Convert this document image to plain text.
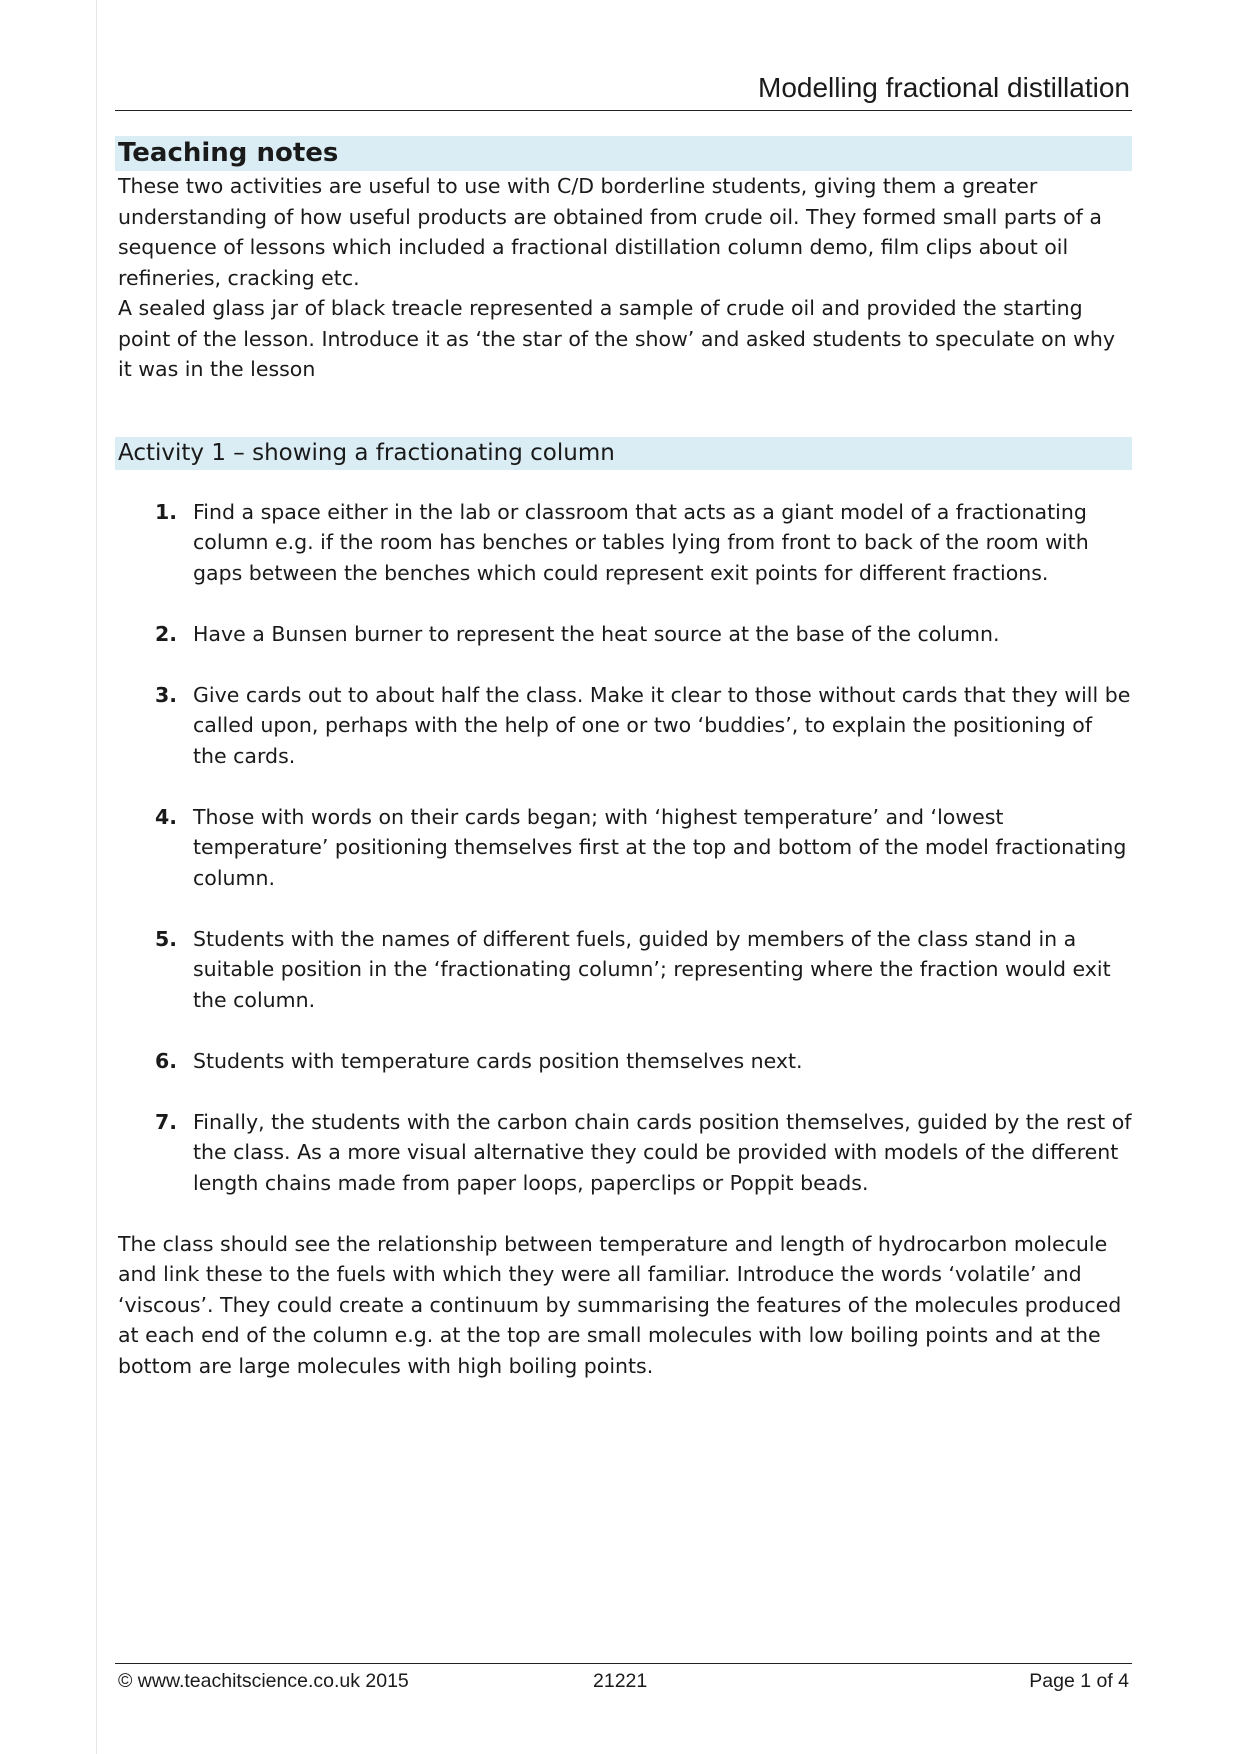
Modelling fractional distillation
Teaching notes

These two activities are useful to use with C/D borderline students, giving them a greater understanding of how useful products are obtained from crude oil. They formed small parts of a sequence of lessons which included a fractional distillation column demo, film clips about oil refineries, cracking etc.

A sealed glass jar of black treacle represented a sample of crude oil and provided the starting point of the lesson. Introduce it as ‘the star of the show’ and asked students to speculate on why it was in the lesson

Activity 1 – showing a fractionating column
1. Find a space either in the lab or classroom that acts as a giant model of a fractionating column e.g. if the room has benches or tables lying from front to back of the room with gaps between the benches which could represent exit points for different fractions.
2. Have a Bunsen burner to represent the heat source at the base of the column.
3. Give cards out to about half the class. Make it clear to those without cards that they will be called upon, perhaps with the help of one or two ‘buddies’, to explain the positioning of the cards.
4. Those with words on their cards began; with ‘highest temperature’ and ‘lowest temperature’ positioning themselves first at the top and bottom of the model fractionating column.
5. Students with the names of different fuels, guided by members of the class stand in a suitable position in the ‘fractionating column’; representing where the fraction would exit the column.
6. Students with temperature cards position themselves next.
7. Finally, the students with the carbon chain cards position themselves, guided by the rest of the class. As a more visual alternative they could be provided with models of the different length chains made from paper loops, paperclips or Poppit beads.

The class should see the relationship between temperature and length of hydrocarbon molecule and link these to the fuels with which they were all familiar. Introduce the words ‘volatile’ and ‘viscous’. They could create a continuum by summarising the features of the molecules produced at each end of the column e.g. at the top are small molecules with low boiling points and at the bottom are large molecules with high boiling points.

© www.teachitscience.co.uk 2015	21221	Page 1 of 4
